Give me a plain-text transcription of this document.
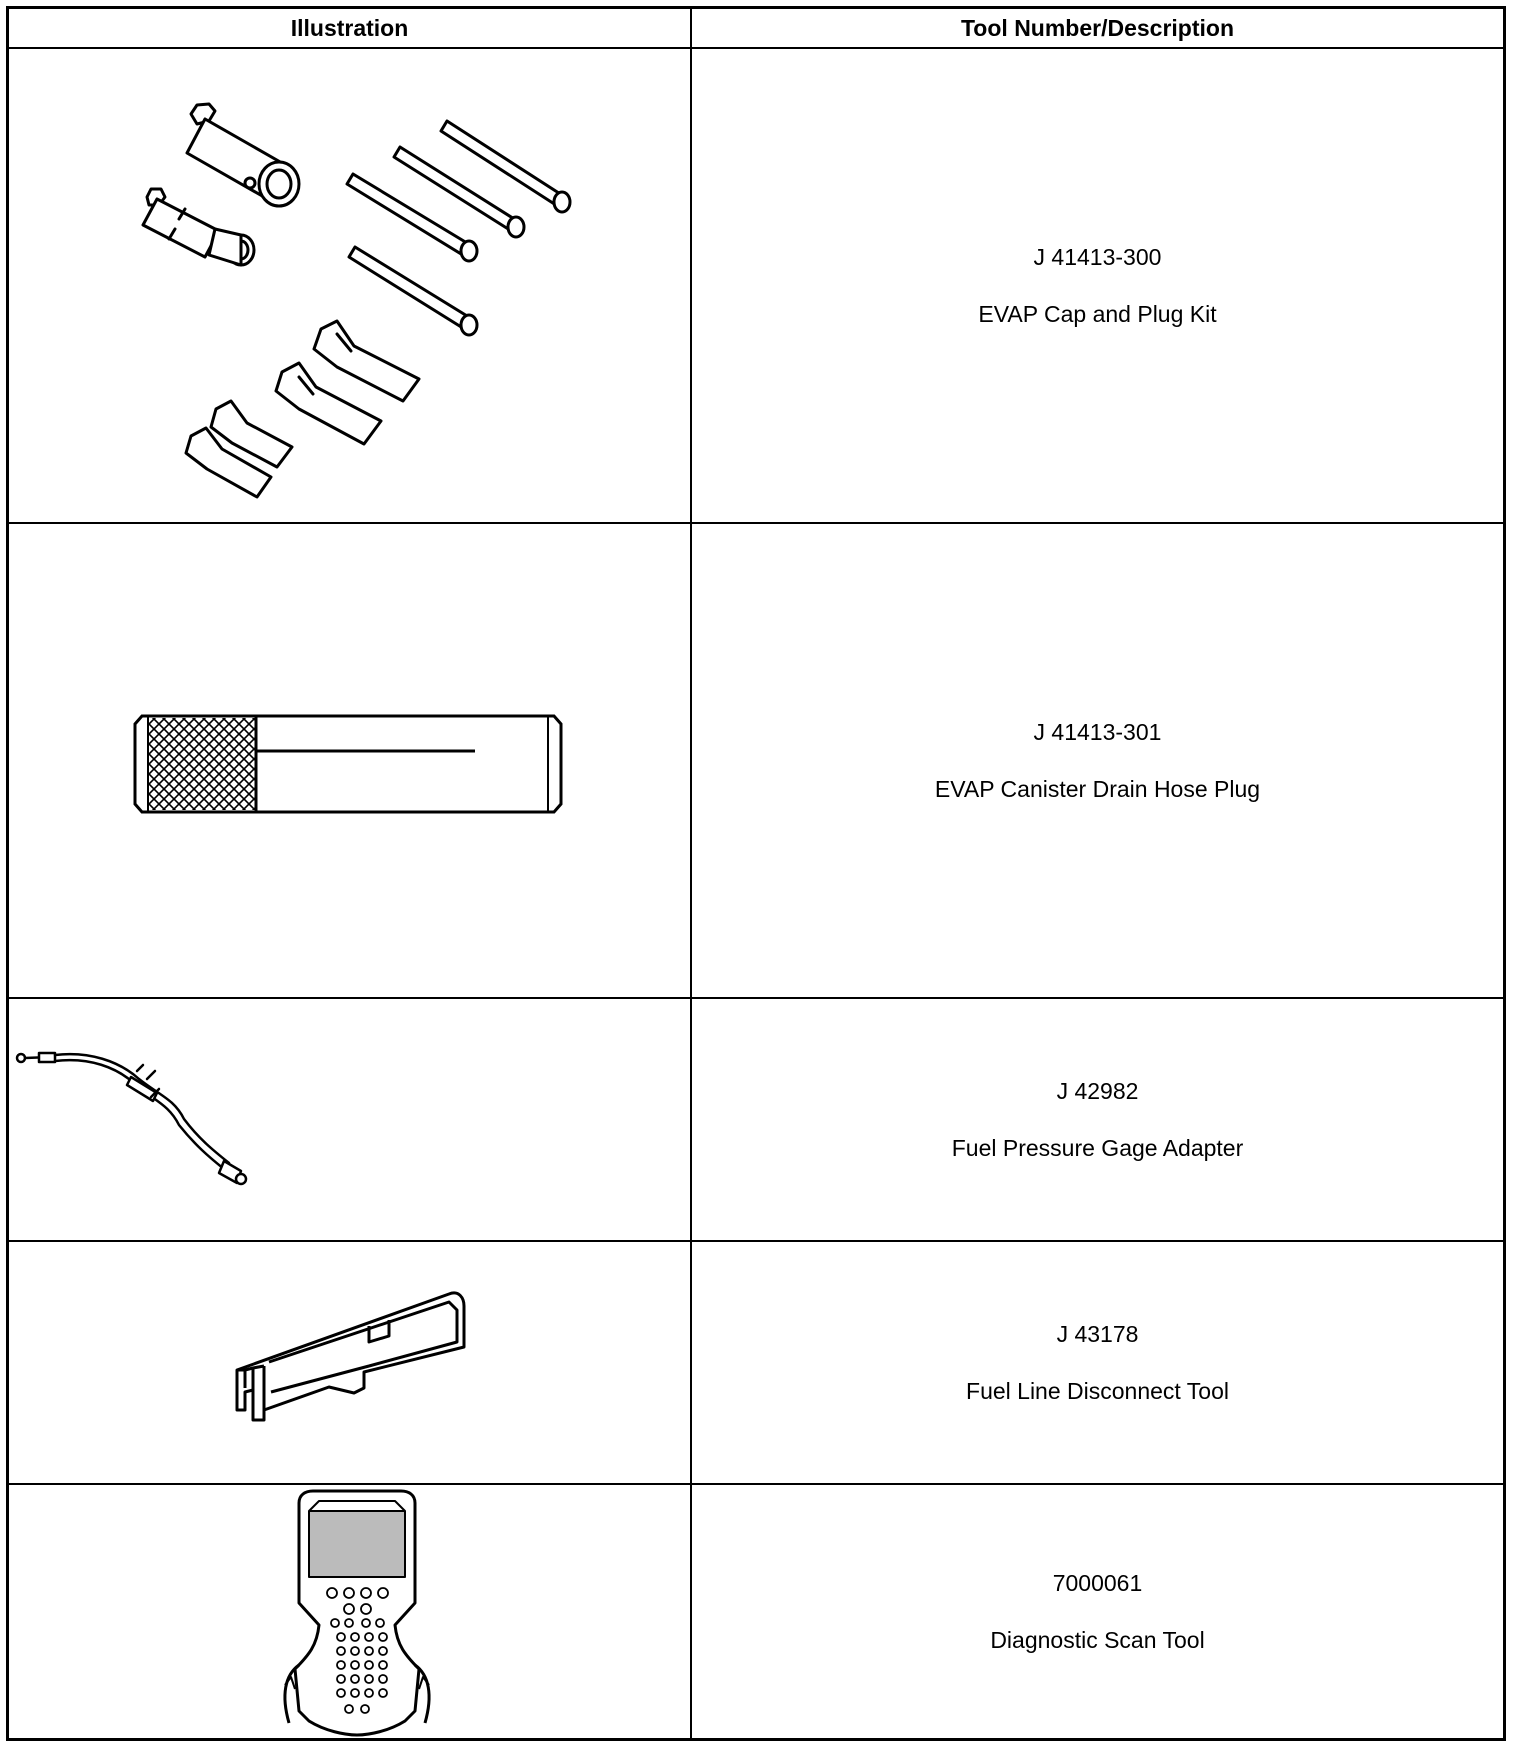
Illustration	Tool Number/Description
J 41413-300
EVAP Cap and Plug Kit
J 41413-301
EVAP Canister Drain Hose Plug
J 42982
Fuel Pressure Gage Adapter
J 43178
Fuel Line Disconnect Tool
7000061
Diagnostic Scan Tool
